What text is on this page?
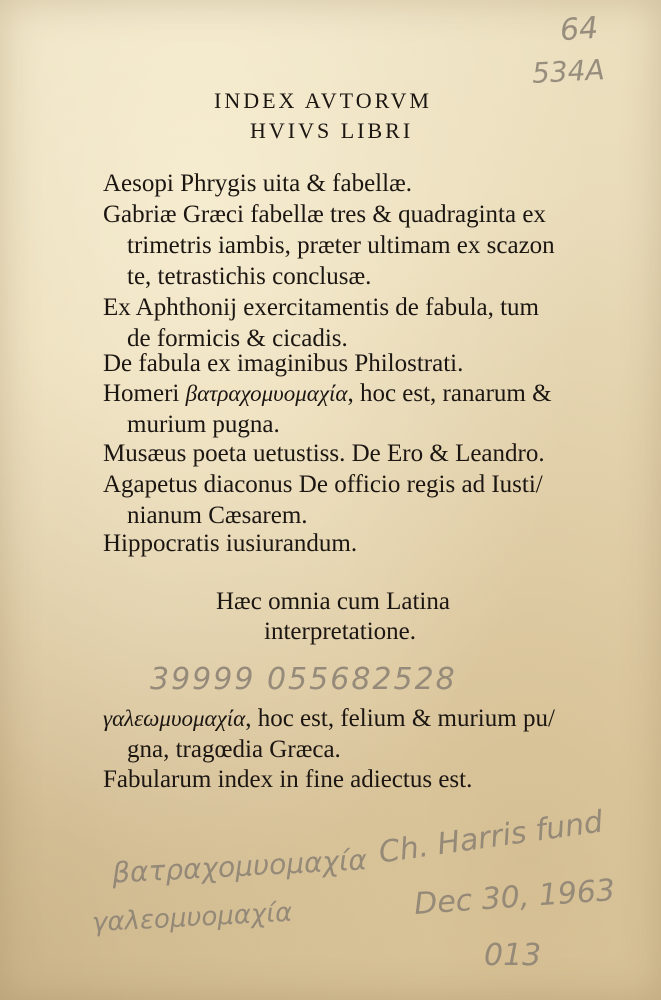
64
534A
INDEX AVTORVM
HVIVS LIBRI
Aesopi Phrygis uita & fabellæ.
Gabriæ Græci fabellæ tres & quadraginta ex
trimetris iambis, præter ultimam ex scazon
te, tetrastichis conclusæ.
Ex Aphthonij exercitamentis de fabula, tum
de formicis & cicadis.
De fabula ex imaginibus Philostrati.
Homeri βατραχομυομαχία, hoc est, ranarum &
murium pugna.
Musæus poeta uetustiss. De Ero & Leandro.
Agapetus diaconus De officio regis ad Iusti/
nianum Cæsarem.
Hippocratis iusiurandum.
Hæc omnia cum Latina
interpretatione.
39999 055682528
γαλεωμυομαχία, hoc est, felium & murium pu/
gna, tragœdia Græca.
Fabularum index in fine adiectus est.
βατραχομυομαχία
γαλεομυομαχία
Ch. Harris fund
Dec 30, 1963
013
